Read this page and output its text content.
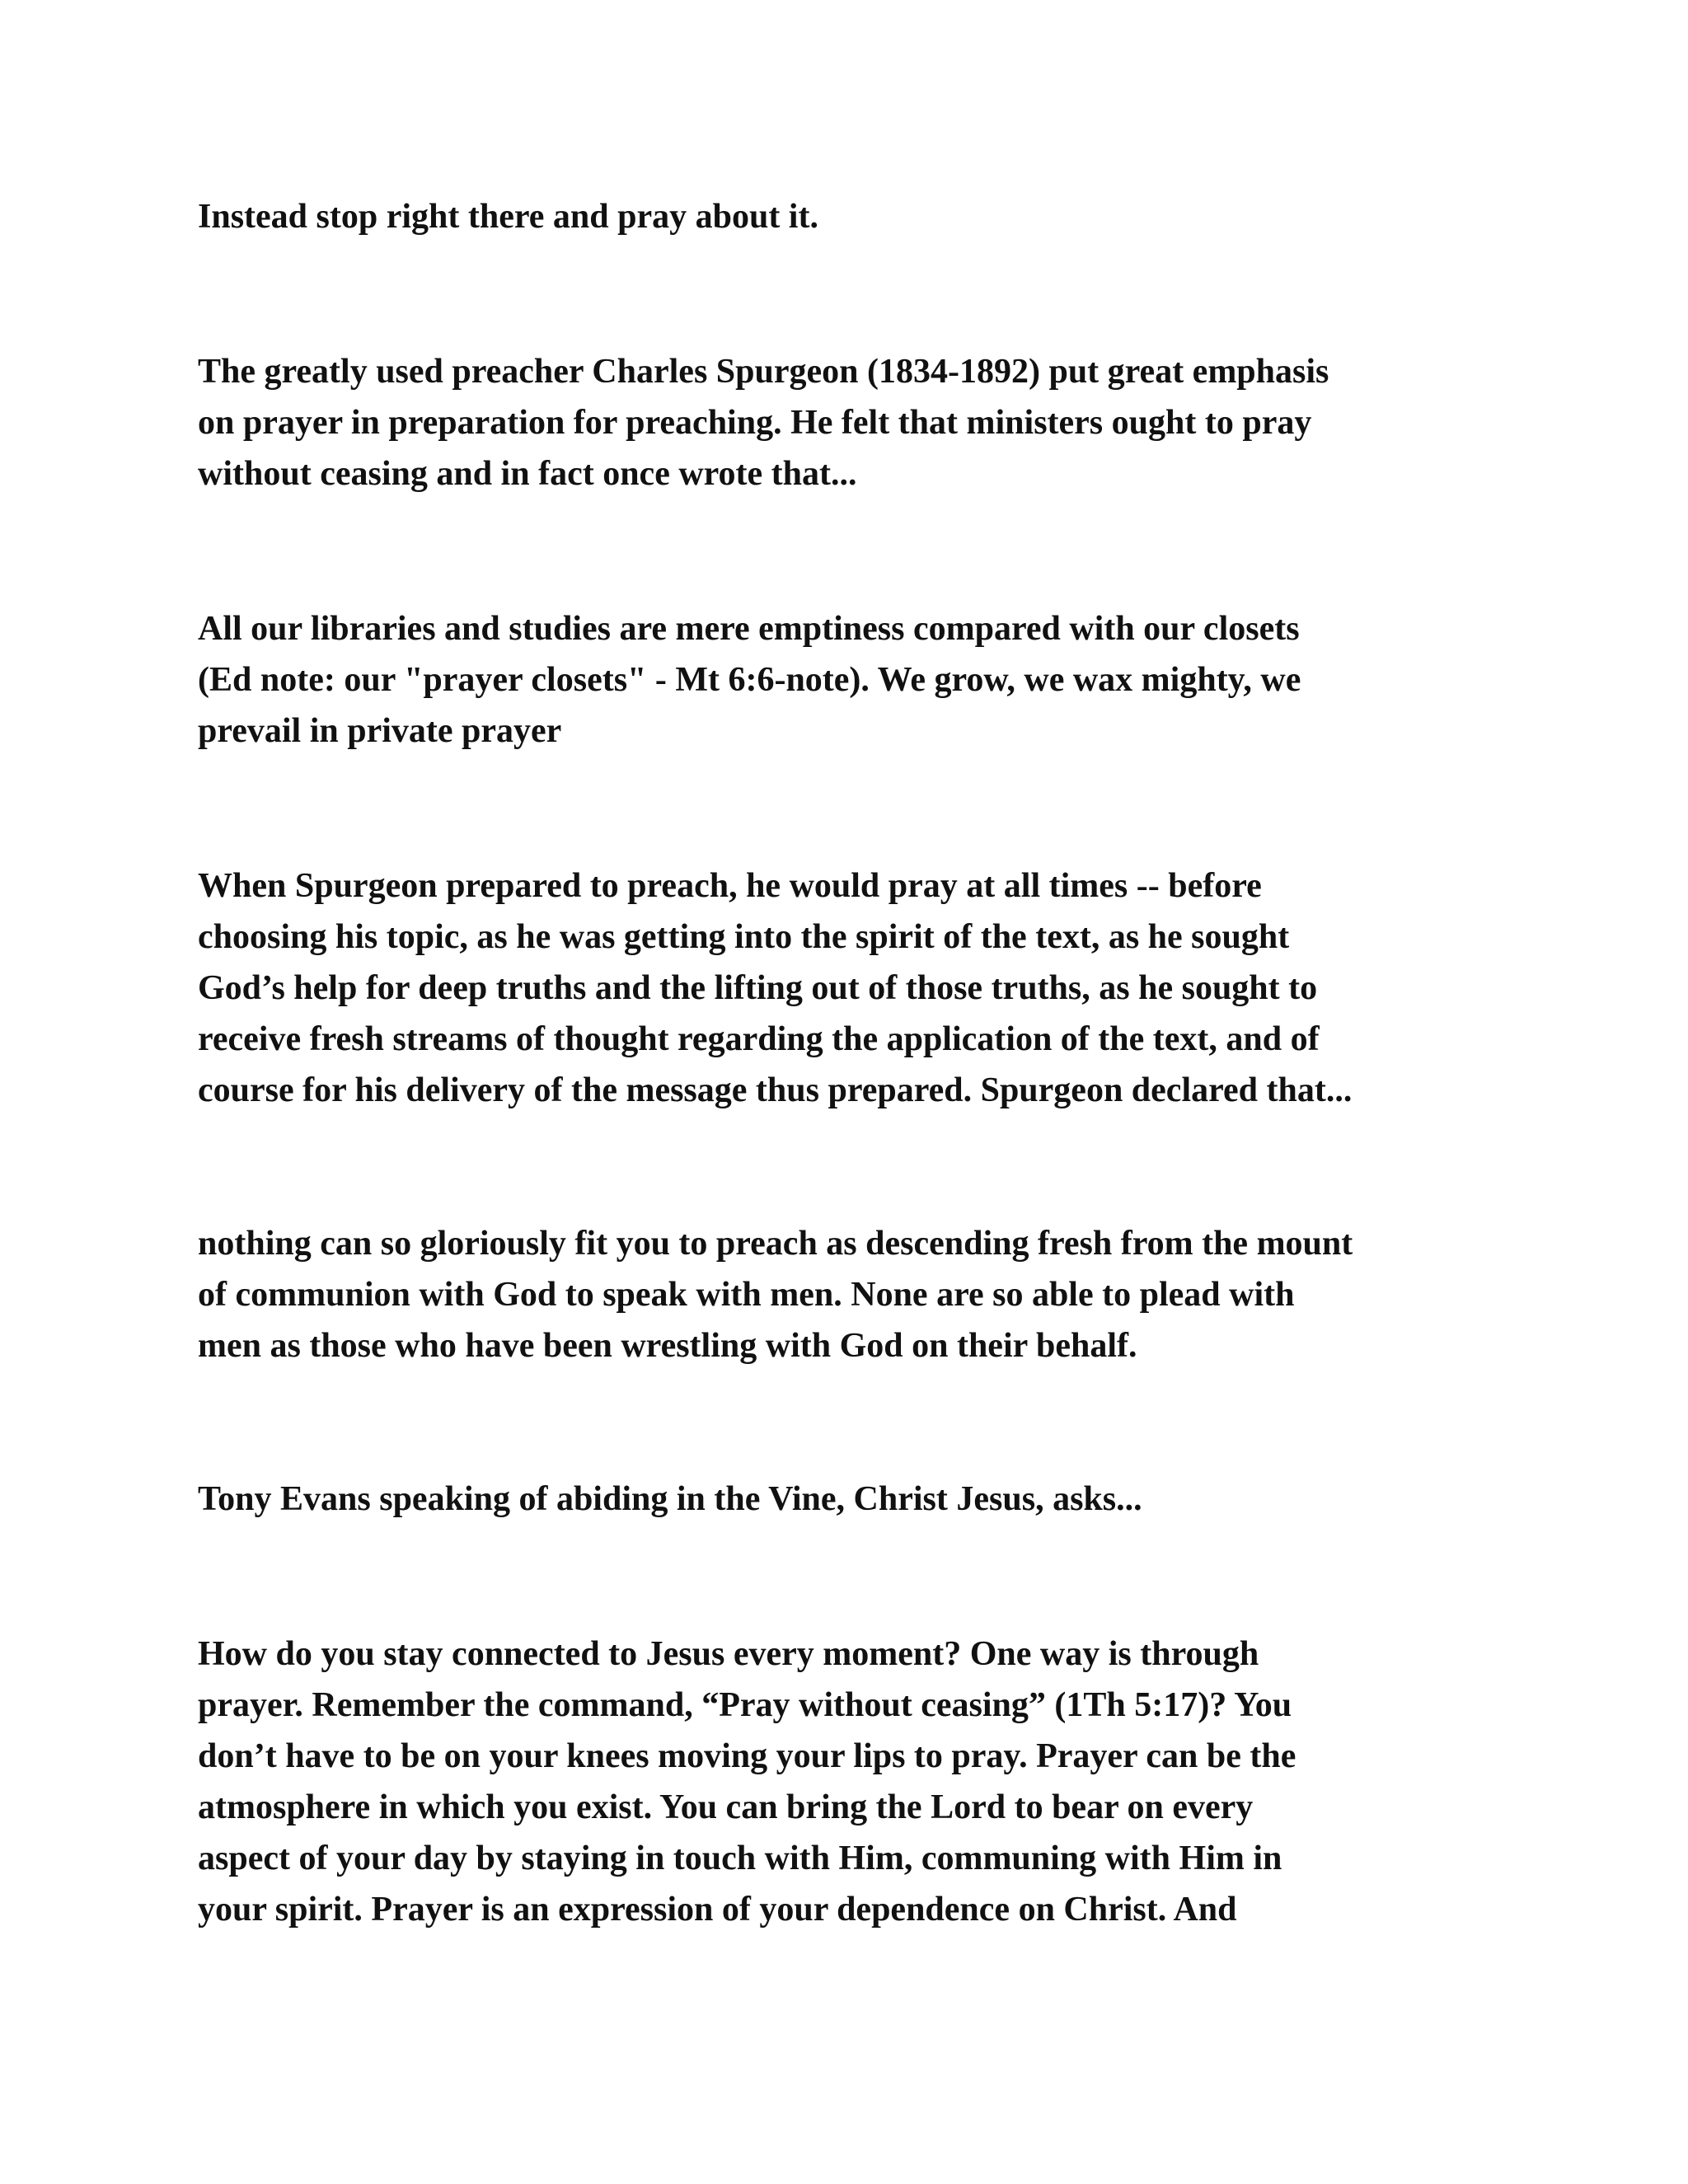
Instead stop right there and pray about it.

The greatly used preacher Charles Spurgeon (1834-1892) put great emphasis
on prayer in preparation for preaching. He felt that ministers ought to pray
without ceasing and in fact once wrote that...

All our libraries and studies are mere emptiness compared with our closets
(Ed note: our "prayer closets" - Mt 6:6-note). We grow, we wax mighty, we
prevail in private prayer

When Spurgeon prepared to preach, he would pray at all times -- before
choosing his topic, as he was getting into the spirit of the text, as he sought
God’s help for deep truths and the lifting out of those truths, as he sought to
receive fresh streams of thought regarding the application of the text, and of
course for his delivery of the message thus prepared. Spurgeon declared that...

nothing can so gloriously fit you to preach as descending fresh from the mount
of communion with God to speak with men. None are so able to plead with
men as those who have been wrestling with God on their behalf.

Tony Evans speaking of abiding in the Vine, Christ Jesus, asks...

How do you stay connected to Jesus every moment? One way is through
prayer. Remember the command, “Pray without ceasing” (1Th 5:17)? You
don’t have to be on your knees moving your lips to pray. Prayer can be the
atmosphere in which you exist. You can bring the Lord to bear on every
aspect of your day by staying in touch with Him, communing with Him in
your spirit. Prayer is an expression of your dependence on Christ. And
